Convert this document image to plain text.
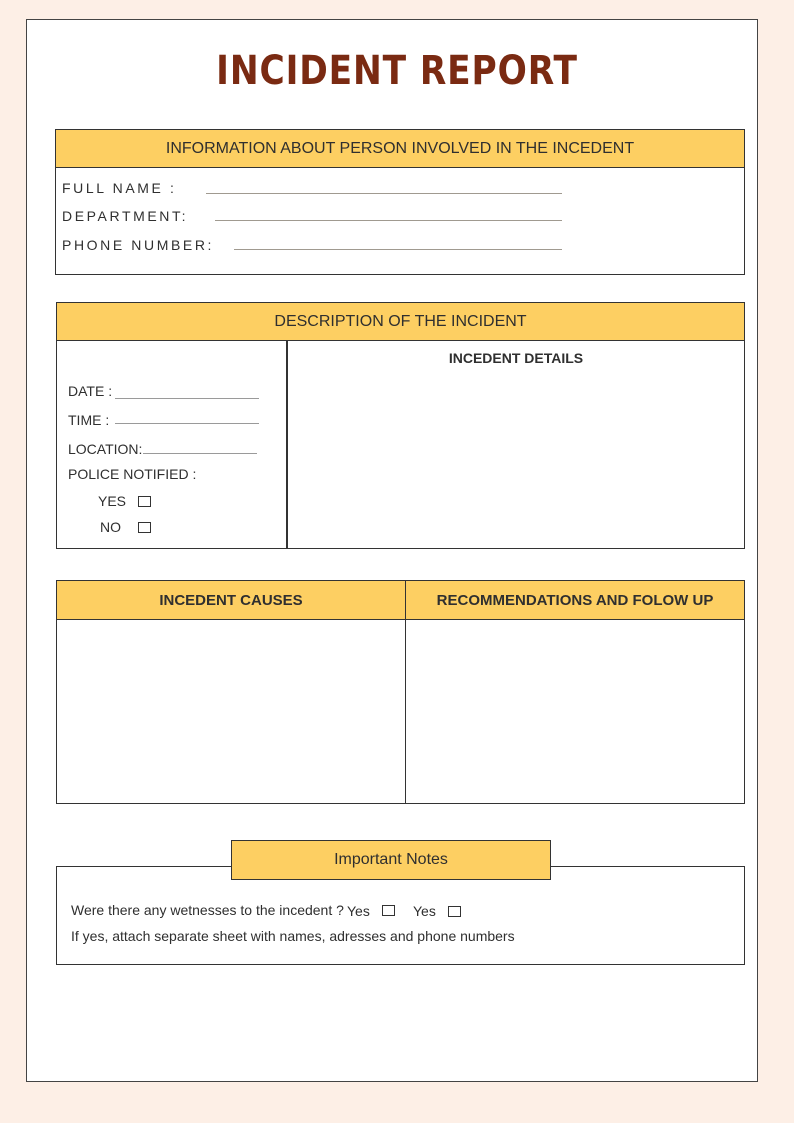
INCIDENT REPORT
INFORMATION ABOUT PERSON INVOLVED IN THE INCEDENT
FULL NAME :
DEPARTMENT:
PHONE NUMBER:
DESCRIPTION OF THE INCIDENT
INCEDENT DETAILS
DATE :
TIME :
LOCATION:
POLICE NOTIFIED :
YES
NO
INCEDENT CAUSES	RECOMMENDATIONS AND FOLOW UP
Important Notes
Were there any wetnesses to the incedent ? Yes	Yes
If yes, attach separate sheet with names, adresses and phone numbers
